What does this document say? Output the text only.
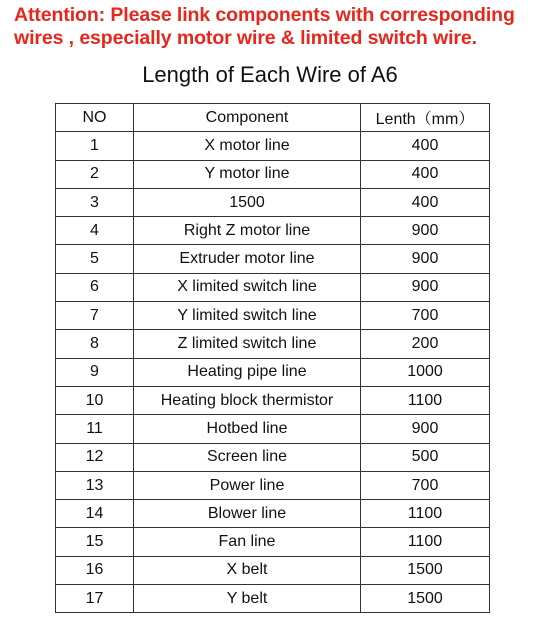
Attention: Please link components with corresponding
wires , especially motor wire & limited switch wire.
Length of Each Wire of A6
NO	Component	Lenth（mm）
1	X motor line	400
2	Y motor line	400
3	1500	400
4	Right Z motor line	900
5	Extruder motor line	900
6	X limited switch line	900
7	Y limited switch line	700
8	Z limited switch line	200
9	Heating pipe line	1000
10	Heating block thermistor	1100
11	Hotbed line	900
12	Screen line	500
13	Power line	700
14	Blower line	1100
15	Fan line	1100
16	X belt	1500
17	Y belt	1500
